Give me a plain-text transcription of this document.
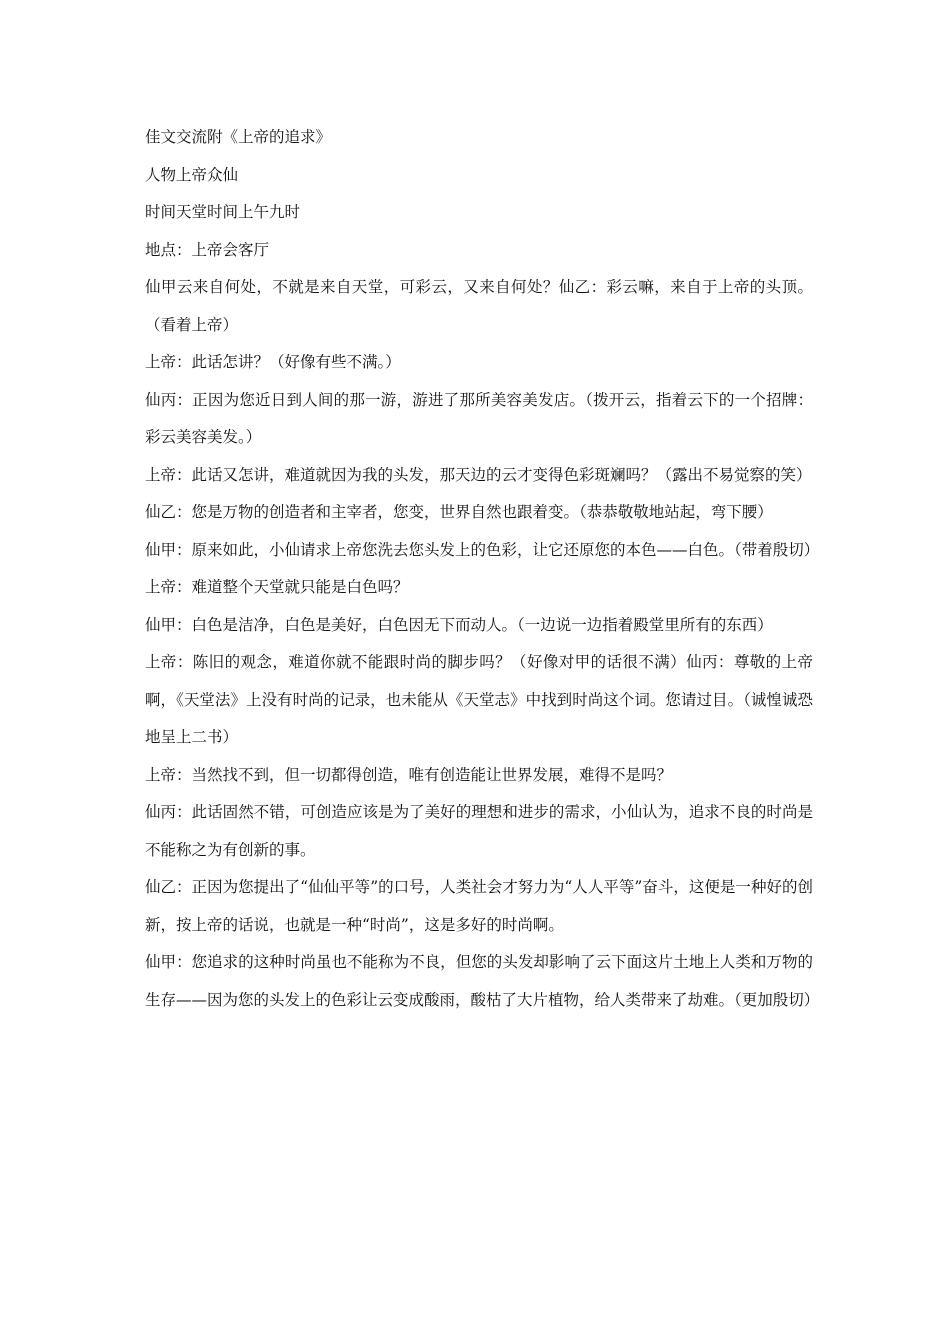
佳文交流附《上帝的追求》

人物上帝众仙

时间天堂时间上午九时

地点：上帝会客厅

仙甲云来自何处，不就是来自天堂，可彩云，又来自何处？仙乙：彩云嘛，来自于上帝的头顶。（看着上帝）

上帝：此话怎讲？（好像有些不满。）

仙丙：正因为您近日到人间的那一游，游进了那所美容美发店。（拨开云，指着云下的一个招牌：彩云美容美发。）

上帝：此话又怎讲，难道就因为我的头发，那天边的云才变得色彩斑斓吗？（露出不易觉察的笑）

仙乙：您是万物的创造者和主宰者，您变，世界自然也跟着变。（恭恭敬敬地站起，弯下腰）

仙甲：原来如此，小仙请求上帝您洗去您头发上的色彩，让它还原您的本色——白色。（带着殷切）

上帝：难道整个天堂就只能是白色吗？

仙甲：白色是洁净，白色是美好，白色因无下而动人。（一边说一边指着殿堂里所有的东西）

上帝：陈旧的观念，难道你就不能跟时尚的脚步吗？（好像对甲的话很不满）仙丙：尊敬的上帝啊，《天堂法》上没有时尚的记录，也未能从《天堂志》中找到时尚这个词。您请过目。（诚惶诚恐地呈上二书）

上帝：当然找不到，但一切都得创造，唯有创造能让世界发展，难得不是吗？

仙丙：此话固然不错，可创造应该是为了美好的理想和进步的需求，小仙认为，追求不良的时尚是不能称之为有创新的事。

仙乙：正因为您提出了“仙仙平等”的口号，人类社会才努力为“人人平等”奋斗，这便是一种好的创新，按上帝的话说，也就是一种“时尚”，这是多好的时尚啊。

仙甲：您追求的这种时尚虽也不能称为不良，但您的头发却影响了云下面这片土地上人类和万物的生存——因为您的头发上的色彩让云变成酸雨，酸枯了大片植物，给人类带来了劫难。（更加殷切）
